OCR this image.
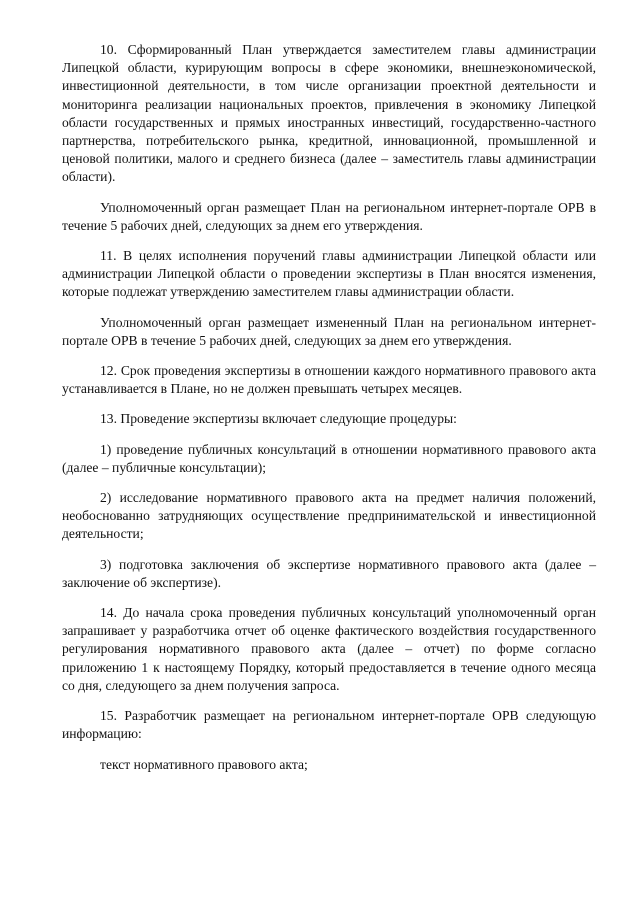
10. Сформированный План утверждается заместителем главы администрации Липецкой области, курирующим вопросы в сфере экономики, внешнеэкономической, инвестиционной деятельности, в том числе организации проектной деятельности и мониторинга реализации национальных проектов, привлечения в экономику Липецкой области государственных и прямых иностранных инвестиций, государственно-частного партнерства, потребительского рынка, кредитной, инновационной, промышленной и ценовой политики, малого и среднего бизнеса (далее – заместитель главы администрации области).

Уполномоченный орган размещает План на региональном интернет-портале ОРВ в течение 5 рабочих дней, следующих за днем его утверждения.

11. В целях исполнения поручений главы администрации Липецкой области или администрации Липецкой области о проведении экспертизы в План вносятся изменения, которые подлежат утверждению заместителем главы администрации области.

Уполномоченный орган размещает измененный План на региональном интернет-портале ОРВ в течение 5 рабочих дней, следующих за днем его утверждения.

12. Срок проведения экспертизы в отношении каждого нормативного правового акта устанавливается в Плане, но не должен превышать четырех месяцев.

13. Проведение экспертизы включает следующие процедуры:

1) проведение публичных консультаций в отношении нормативного правового акта (далее – публичные консультации);

2) исследование нормативного правового акта на предмет наличия положений, необоснованно затрудняющих осуществление предпринимательской и инвестиционной деятельности;

3) подготовка заключения об экспертизе нормативного правового акта (далее – заключение об экспертизе).

14. До начала срока проведения публичных консультаций уполномоченный орган запрашивает у разработчика отчет об оценке фактического воздействия государственного регулирования нормативного правового акта (далее – отчет) по форме согласно приложению 1 к настоящему Порядку, который предоставляется в течение одного месяца со дня, следующего за днем получения запроса.

15. Разработчик размещает на региональном интернет-портале ОРВ следующую информацию:

текст нормативного правового акта;
